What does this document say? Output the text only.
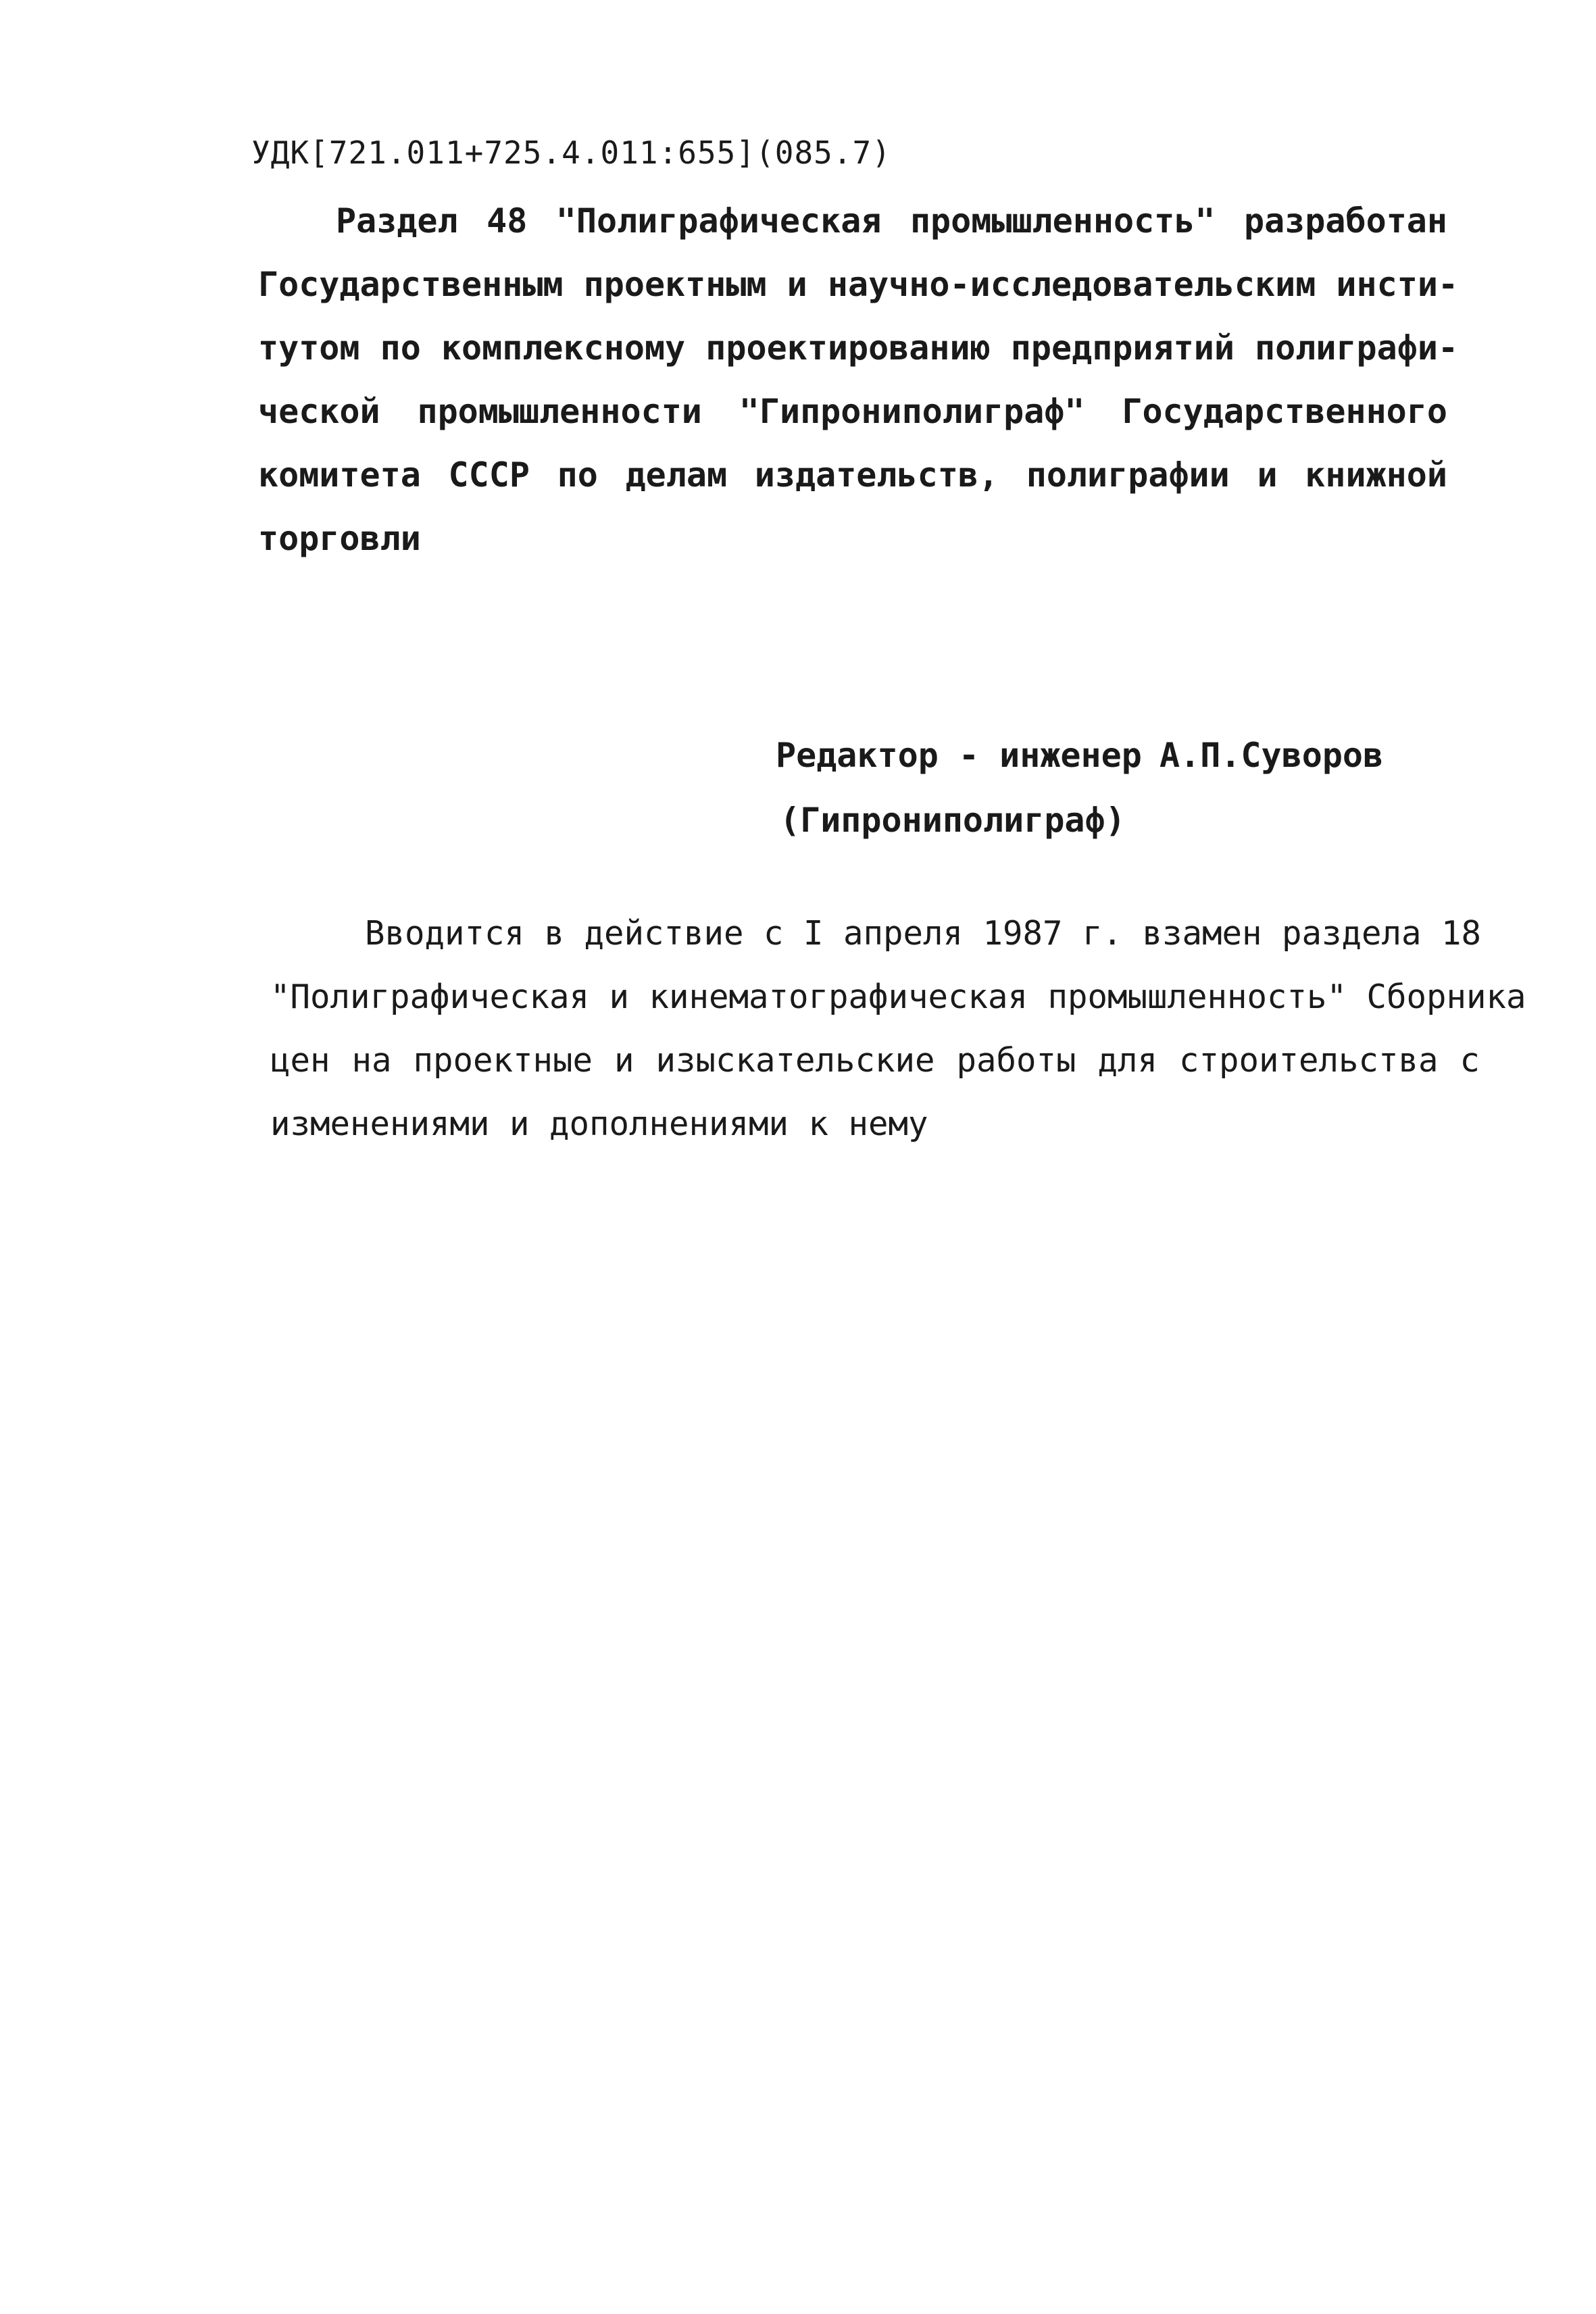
УДК[721.011+725.4.011:655](085.7)
Раздел 48 "Полиграфическая промышленность" разработан
Государственным проектным и научно-исследовательским инсти-
тутом по комплексному проектированию предприятий полиграфи-
ческой промышленности "Гипрониполиграф" Государственного
комитета СССР по делам издательств, полиграфии и книжной
торговли
Редактор - инженер А.П.Суворов
(Гипрониполиграф)
Вводится в действие с I апреля 1987 г. взамен раздела 18
"Полиграфическая и кинематографическая промышленность" Сборника
цен на проектные и изыскательские работы для строительства с
изменениями и дополнениями к нему
